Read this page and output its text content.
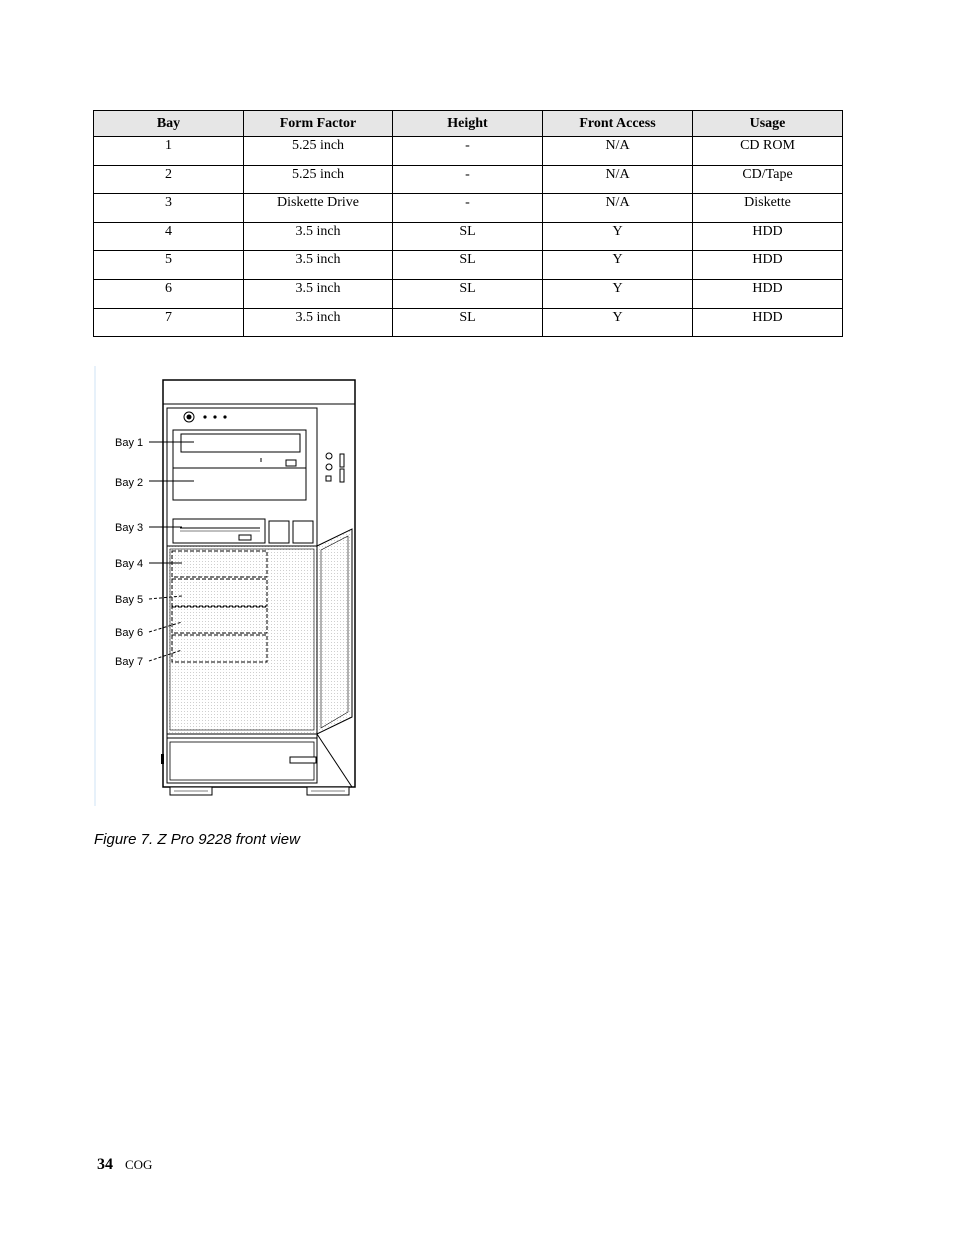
Bay	Form Factor	Height	Front Access	Usage
1	5.25 inch	-	N/A	CD ROM
2	5.25 inch	-	N/A	CD/Tape
3	Diskette Drive	-	N/A	Diskette
4	3.5 inch	SL	Y	HDD
5	3.5 inch	SL	Y	HDD
6	3.5 inch	SL	Y	HDD
7	3.5 inch	SL	Y	HDD
Bay 1
Bay 2
Bay 3
Bay 4
Bay 5
Bay 6
Bay 7
Figure 7. Z Pro 9228 front view
34 COG
